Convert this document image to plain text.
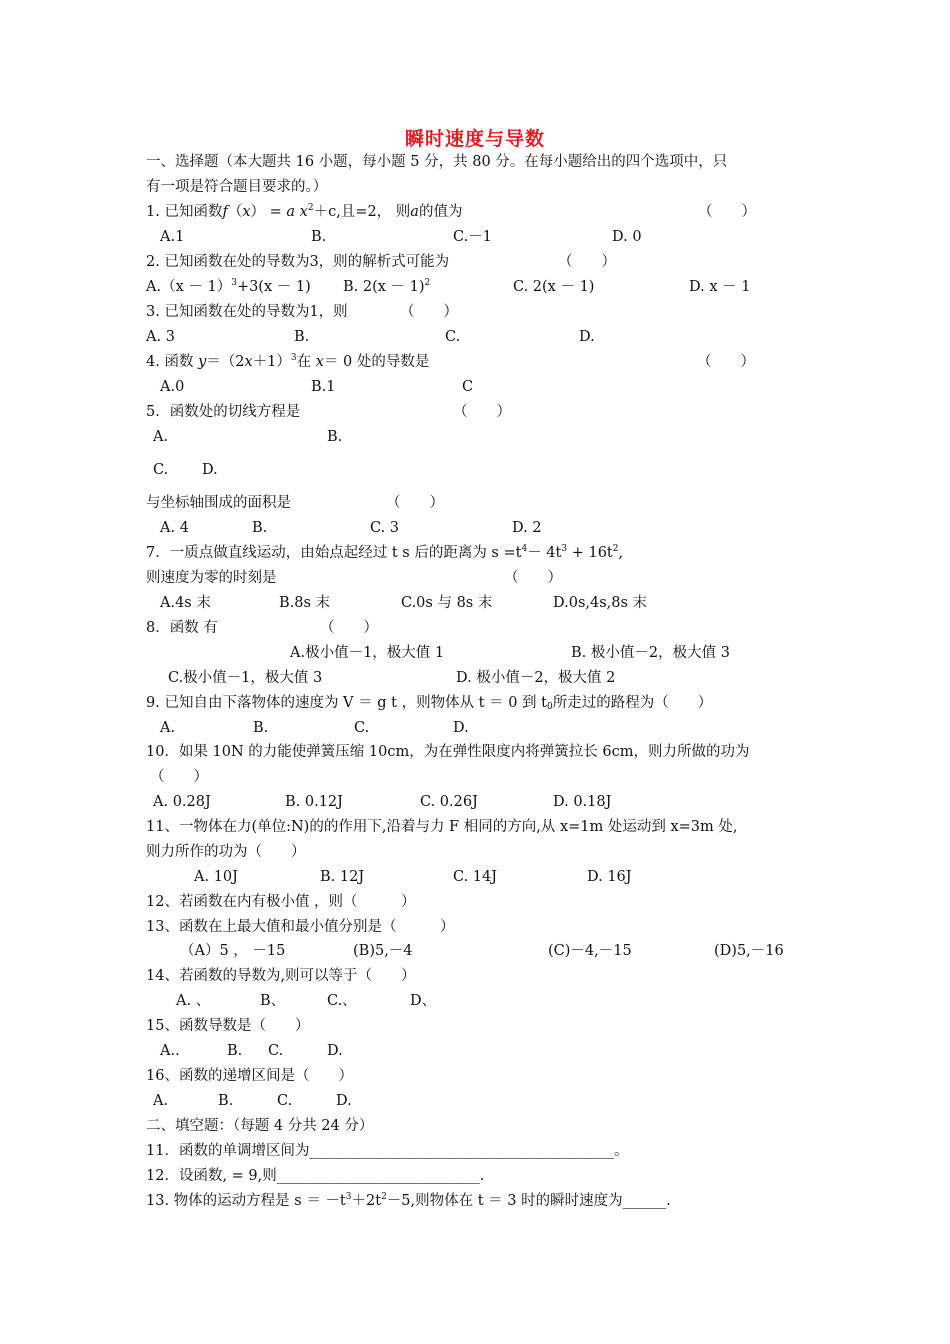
瞬时速度与导数
一、选择题（本大题共 16 小题，每小题 5 分，共 80 分。在每小题给出的四个选项中，只
有一项是符合题目要求的。）
1. 已知函数f（x） = a $x^2+c$,且=2， 则a的值为	（　　）
A.1	B.	C.－1	D. 0
2. 已知函数在处的导数为3，则的解析式可能为	（　　）
$A.(x - 1)^3+3(x - 1)$ B. $2(x - 1)^2$	C. 2(x － 1)	D. x － 1
3. 已知函数在处的导数为1，则	（　　）
A. 3	B.	C.	D.
4. 函数 $y=(2x+1)^3$在 x＝ 0 处的导数是	（　　）
A.0	B.1	C
5．函数处的切线方程是	（　　）
A.	B.
C. D.
与坐标轴围成的面积是	（　　）
A. 4	B.	C. 3	D. 2
7．一质点做直线运动，由始点起经过 t s 后的距离为 $s =t^4- 4t^3 + 16t^2$,
则速度为零的时刻是	（　　）
A.4s 末	B.8s 末	C.0s 与 8s 末	D.0s,4s,8s 末
8．函数 有	（　　）
A.极小值－1，极大值 1	B. 极小值－2，极大值 3
C.极小值－1，极大值 3	D. 极小值－2，极大值 2
9. 已知自由下落物体的速度为 V ＝ g t ，则物体从 t ＝ 0 到 $t_0$所走过的路程为（　　）
A.	B.	C.	D.
10．如果 10N 的力能使弹簧压缩 10cm，为在弹性限度内将弹簧拉长 6cm，则力所做的功为
（　　）
A. 0.28J	B. 0.12J	C. 0.26J	D. 0.18J
11、一物体在力(单位:N)的的作用下,沿着与力 F 相同的方向,从 x=1m 处运动到 x=3m 处,
则力所作的功为（　　）
A. 10J	B. 12J	C. 14J	D. 16J
12、若函数在内有极小值 ，则（　　　）
13、函数在上最大值和最小值分别是（　　　）
（A）5 ， －15	(B)5,－4	(C)－4,－15	(D)5,－16
14、若函数的导数为,则可以等于（　　）
A. 、	B、	C.、	D、
15、函数导数是（　　）
A..	B. C.	D.
16、函数的递增区间是（　　）
A.	B.	C.	D.
二、填空题：（每题 4 分共 24 分）
11．函数的单调增区间为__________________________________________。
12．设函数, = 9,则____________________________.
13. 物体的运动方程是 $s = -t^3+2t^2-5$,则物体在 t ＝ 3 时的瞬时速度为______.
